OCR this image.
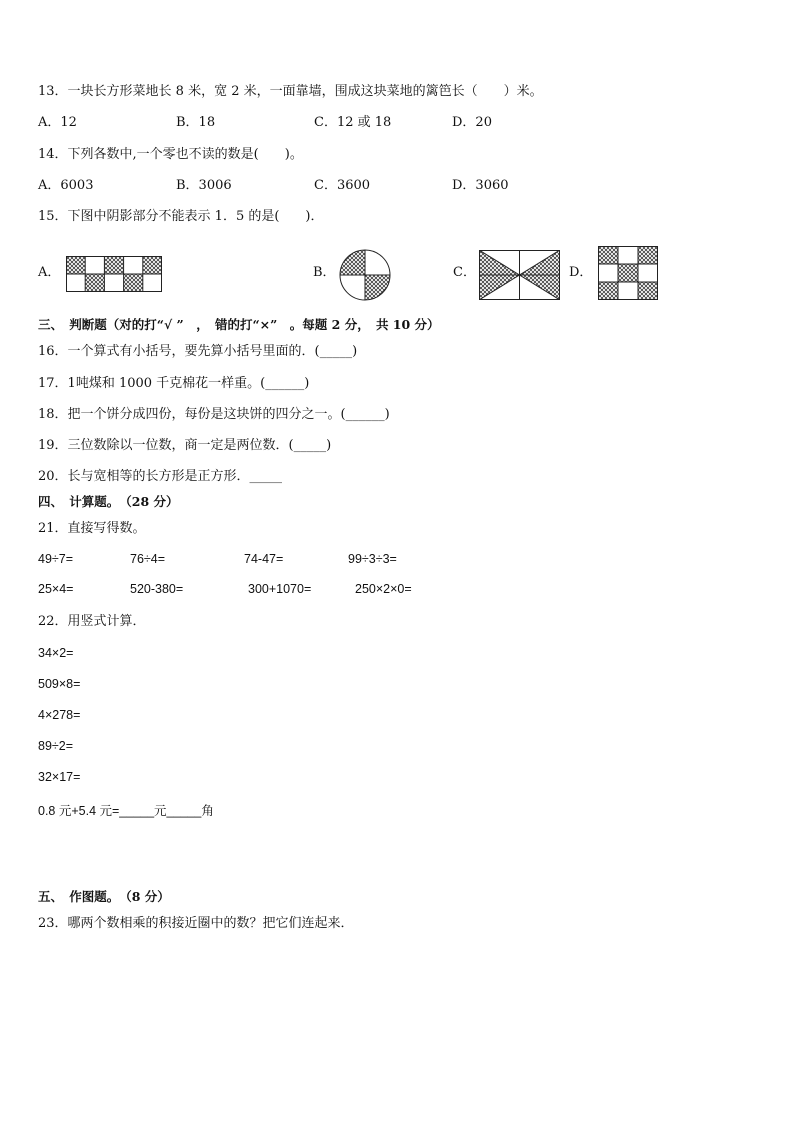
13．一块长方形菜地长 8 米，宽 2 米，一面靠墙，围成这块菜地的篱笆长（　　）米。
A．12	B．18	C．12 或 18	D．20
14．下列各数中,一个零也不读的数是(　　)。
A．6003	B．3006	C．3600	D．3060
15．下图中阴影部分不能表示 1．5 的是(　　)．
A．	B．	C．	D．
三、　判断题（对的打“√ ”　，　错的打“×”　。每题 2 分，　共 10 分）
16．一个算式有小括号，要先算小括号里面的．(_____)
17．1吨煤和 1000 千克棉花一样重。(______)
18．把一个饼分成四份，每份是这块饼的四分之一。(______)
19．三位数除以一位数，商一定是两位数．(_____)
20．长与宽相等的长方形是正方形．_____
四、　计算题。　（28 分）
21．直接写得数。
49÷7=	76÷4=	74-47=	99÷3÷3=
25×4=	520-380=	300+1070=	250×2×0=
22．用竖式计算．
34×2=
509×8=
4×278=
89÷2=
32×17=
0.8 元+5.4 元=_____元_____角
五、　作图题。　（8 分）
23．哪两个数相乘的积接近圈中的数？把它们连起来．
